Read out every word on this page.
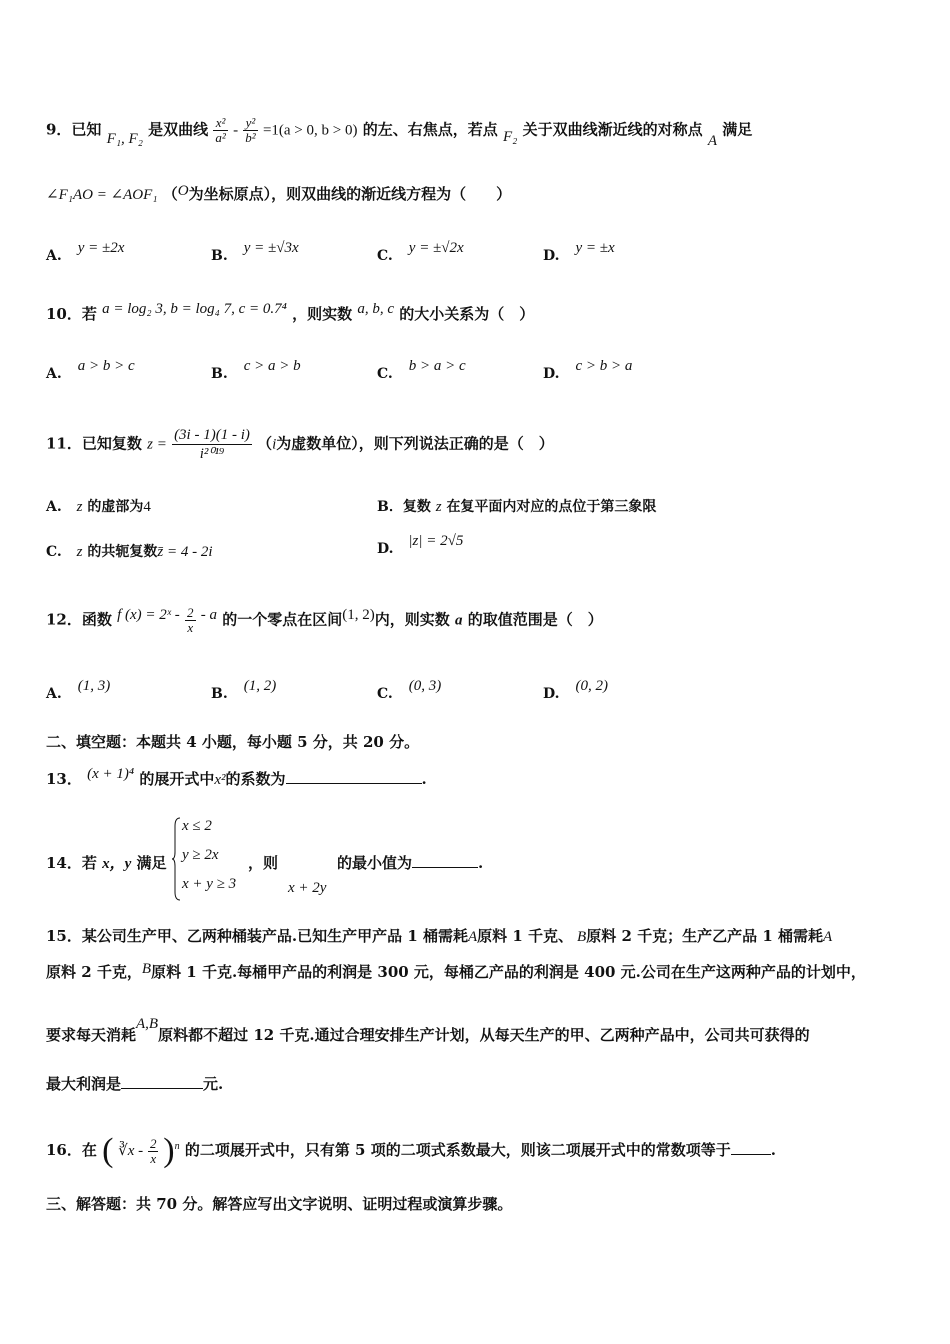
9．已知 F₁, F₂ 是双曲线 $\frac{\text{x²}}{\text{a²}} - \frac{\text{y²}}{\text{b²}} =1(a > 0$, b > 0) 的左、右焦点，若点 F₂ 关于双曲线渐近线的对称点 A 满足
∠F₁AO = ∠AOF₁ （O为坐标原点），则双曲线的渐近线方程为（　　）
A. y = ±2x	B. y = ±√3x	C. y = ±√2x	D. y = ±x
10．若 a = log₂ 3, b = log₄ 7, c = 0.7⁴ ，则实数 a, b, c 的大小关系为（　）
A. a > b > c	B. c > a > b	C. b > a > c	D. c > b > a
11．已知复数 $z = \frac{(3i - 1)(1 - i)}{\text{i²⁰¹⁹}} (i$为虚数单位），则下列说法正确的是（　）
A. z 的虚部为4	B．复数 z 在复平面内对应的点位于第三象限
C. z 的共轭复数z̄ = 4 - 2i	D. |z| = 2√5
12．函数 f (x) = 2ˣ - $\frac{2}{x}$ - a 的一个零点在区间(1, 2)内，则实数 a 的取值范围是（　）
A. (1, 3)	B. (1, 2)	C. (0, 3)	D. (0, 2)
二、填空题：本题共 4 小题，每小题 5 分，共 20 分。
13． (x + 1)⁴ 的展开式中x²的系数为	.
14．若 x，y 满足
x ≤ 2
y ≥ 2x
x + y ≥ 3
，则
x + 2y
的最小值为	.
15．某公司生产甲、乙两种桶装产品.已知生产甲产品 1 桶需耗A原料 1 千克、 B原料 2 千克；生产乙产品 1 桶需耗A
原料 2 千克，B原料 1 千克.每桶甲产品的利润是 300 元，每桶乙产品的利润是 400 元.公司在生产这两种产品的计划中，
要求每天消耗A,B原料都不超过 12 千克.通过合理安排生产计划，从每天生产的甲、乙两种产品中，公司共可获得的
最大利润是	元.
16．在 ( ∛x - $\frac{2}{x} )^n$ 的二项展开式中，只有第 5 项的二项式系数最大，则该二项展开式中的常数项等于	.
三、解答题：共 70 分。解答应写出文字说明、证明过程或演算步骤。
